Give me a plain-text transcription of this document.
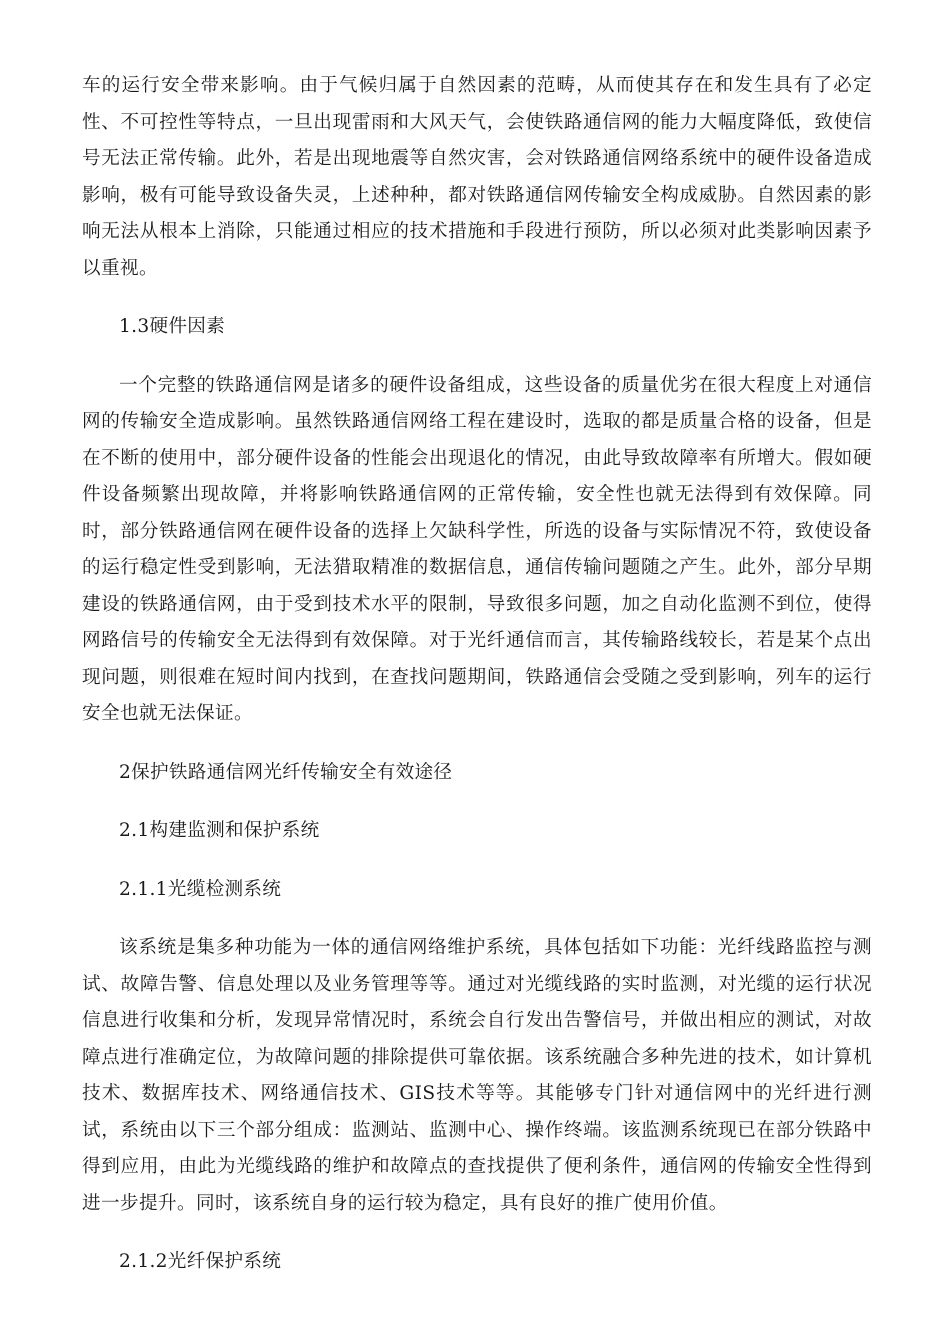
车的运行安全带来影响。由于气候归属于自然因素的范畴，从而使其存在和发生具有了必定性、不可控性等特点，一旦出现雷雨和大风天气，会使铁路通信网的能力大幅度降低，致使信号无法正常传输。此外，若是出现地震等自然灾害，会对铁路通信网络系统中的硬件设备造成影响，极有可能导致设备失灵，上述种种，都对铁路通信网传输安全构成威胁。自然因素的影响无法从根本上消除，只能通过相应的技术措施和手段进行预防，所以必须对此类影响因素予以重视。

1.3硬件因素

一个完整的铁路通信网是诸多的硬件设备组成，这些设备的质量优劣在很大程度上对通信网的传输安全造成影响。虽然铁路通信网络工程在建设时，选取的都是质量合格的设备，但是在不断的使用中，部分硬件设备的性能会出现退化的情况，由此导致故障率有所增大。假如硬件设备频繁出现故障，并将影响铁路通信网的正常传输，安全性也就无法得到有效保障。同时，部分铁路通信网在硬件设备的选择上欠缺科学性，所选的设备与实际情况不符，致使设备的运行稳定性受到影响，无法猎取精准的数据信息，通信传输问题随之产生。此外，部分早期建设的铁路通信网，由于受到技术水平的限制，导致很多问题，加之自动化监测不到位，使得网路信号的传输安全无法得到有效保障。对于光纤通信而言，其传输路线较长，若是某个点出现问题，则很难在短时间内找到，在查找问题期间，铁路通信会受随之受到影响，列车的运行安全也就无法保证。

2保护铁路通信网光纤传输安全有效途径

2.1构建监测和保护系统

2.1.1光缆检测系统

该系统是集多种功能为一体的通信网络维护系统，具体包括如下功能：光纤线路监控与测试、故障告警、信息处理以及业务管理等等。通过对光缆线路的实时监测，对光缆的运行状况信息进行收集和分析，发现异常情况时，系统会自行发出告警信号，并做出相应的测试，对故障点进行准确定位，为故障问题的排除提供可靠依据。该系统融合多种先进的技术，如计算机技术、数据库技术、网络通信技术、GIS技术等等。其能够专门针对通信网中的光纤进行测试，系统由以下三个部分组成：监测站、监测中心、操作终端。该监测系统现已在部分铁路中得到应用，由此为光缆线路的维护和故障点的查找提供了便利条件，通信网的传输安全性得到进一步提升。同时，该系统自身的运行较为稳定，具有良好的推广使用价值。

2.1.2光纤保护系统
